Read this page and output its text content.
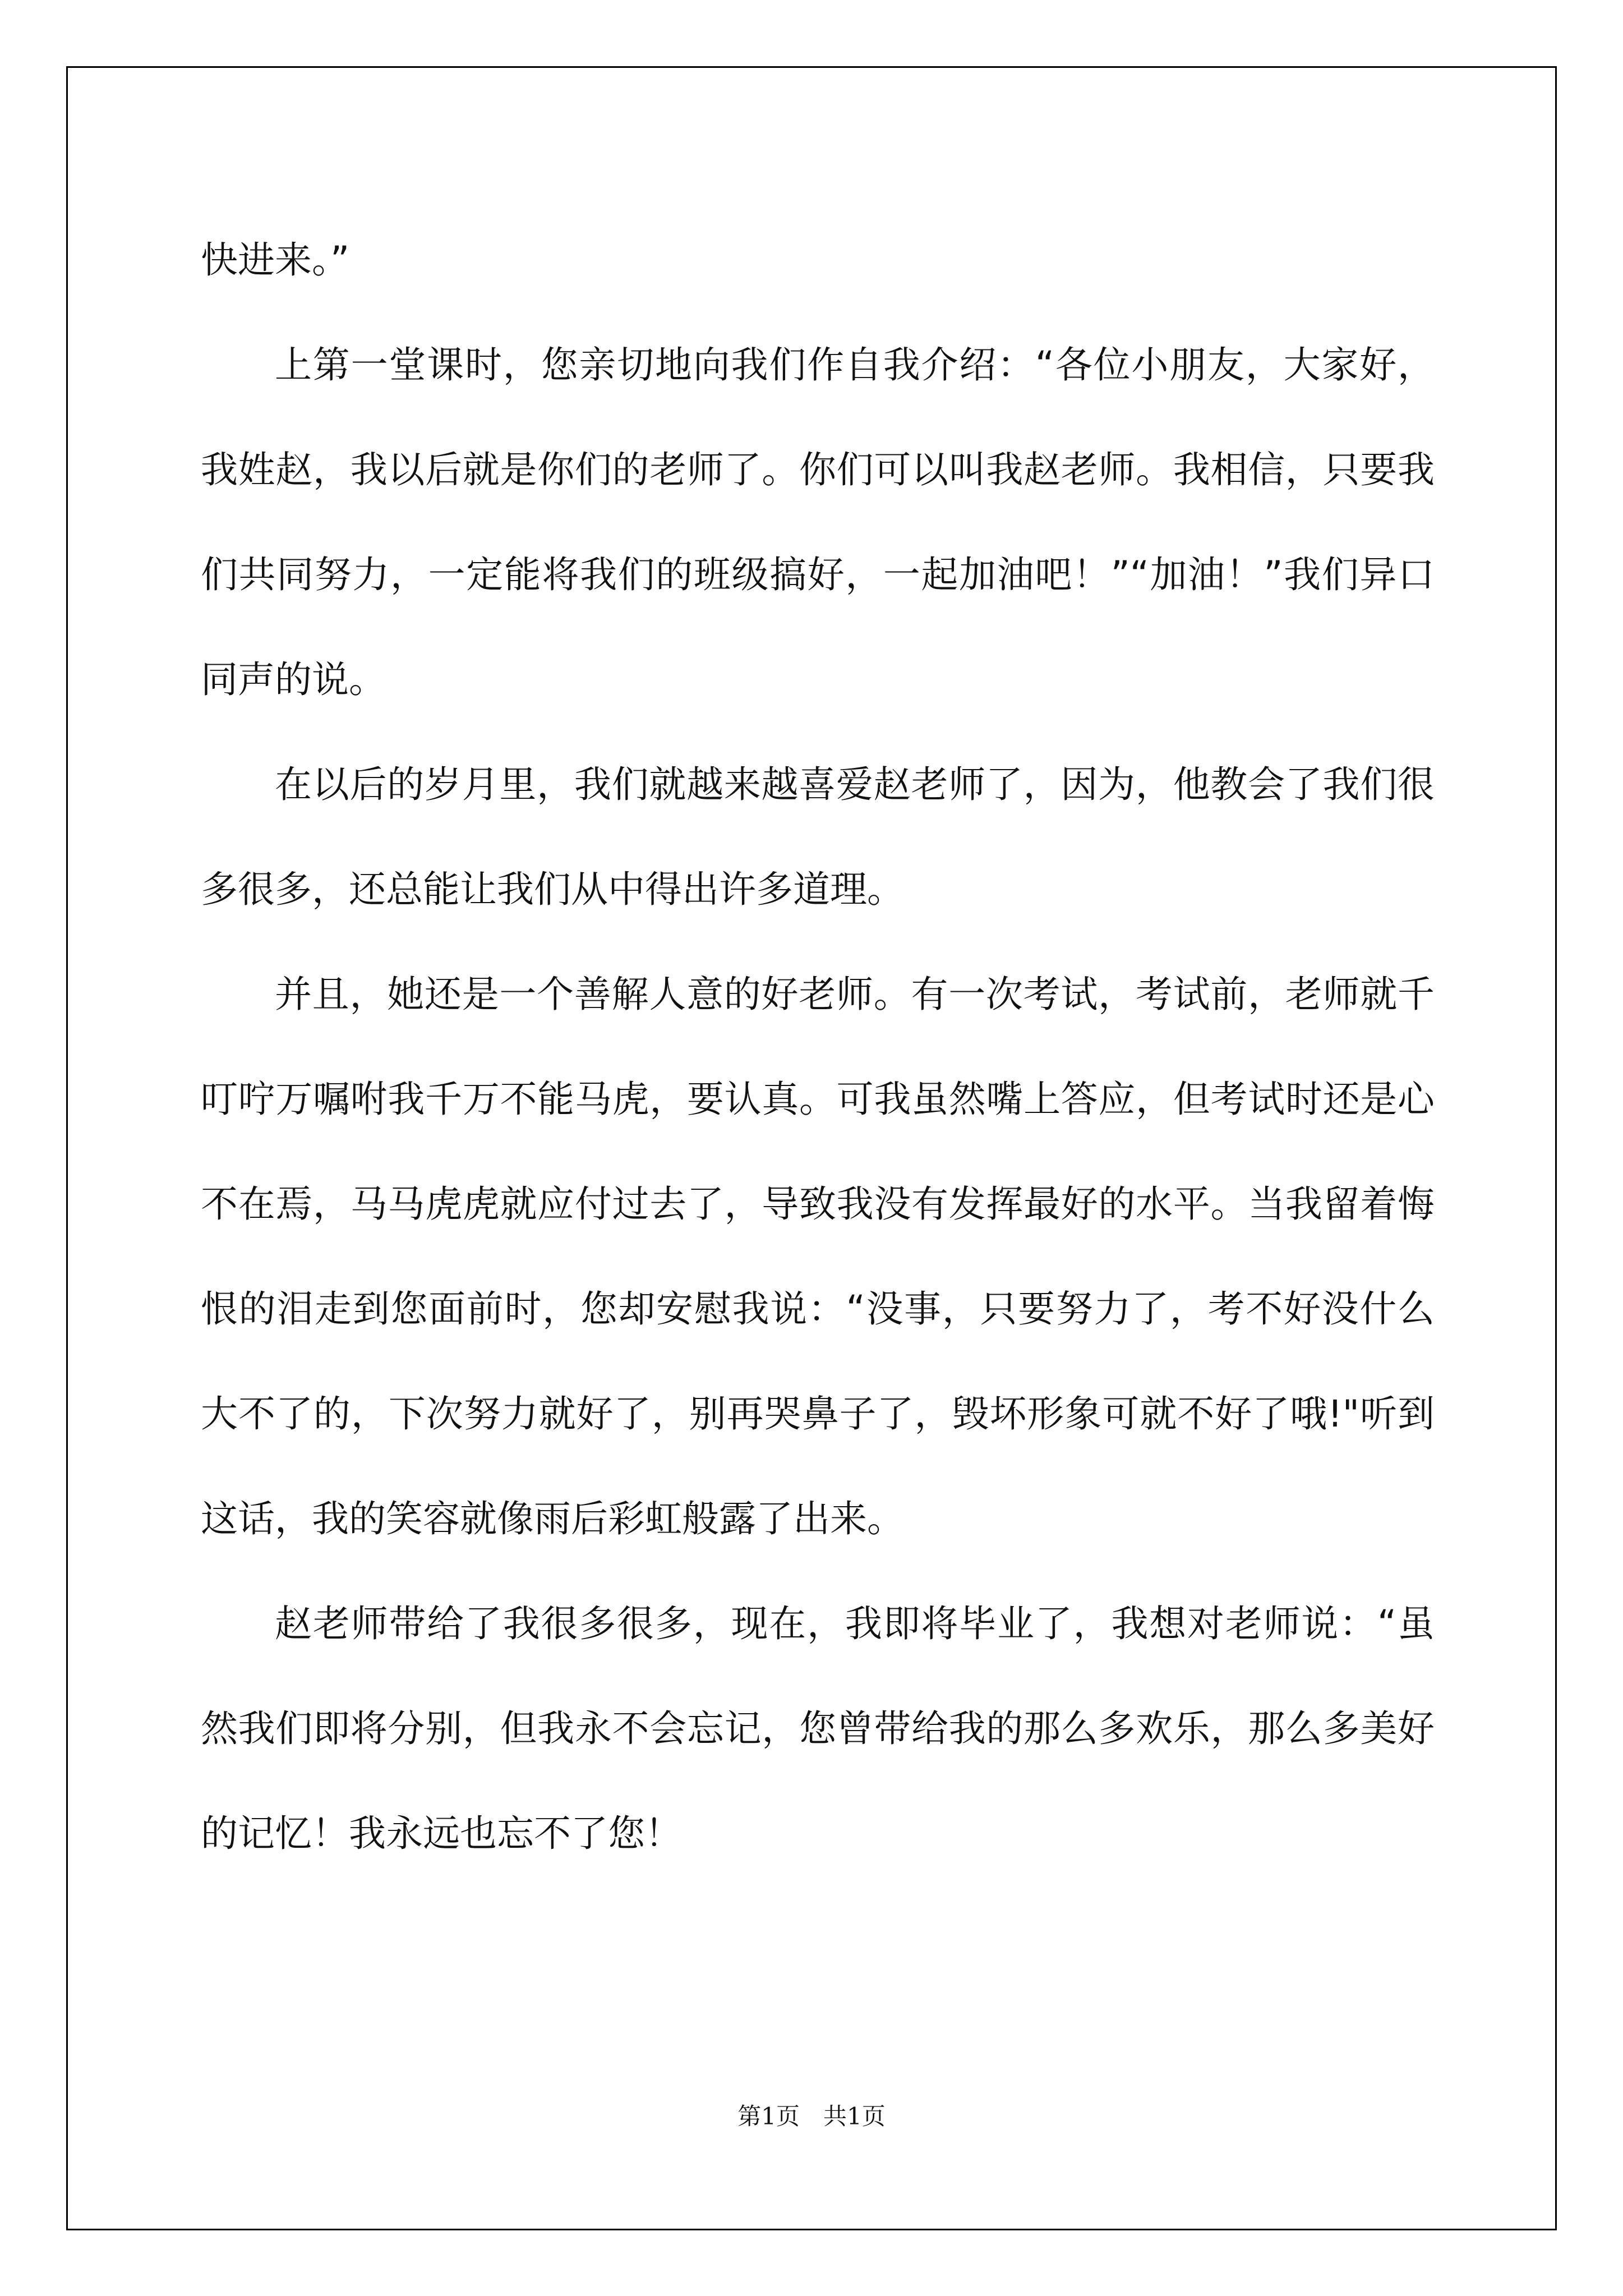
快进来。”

上第一堂课时，您亲切地向我们作自我介绍：“各位小朋友，大家好，我姓赵，我以后就是你们的老师了。你们可以叫我赵老师。我相信，只要我们共同努力，一定能将我们的班级搞好，一起加油吧！”“加油！”我们异口同声的说。

在以后的岁月里，我们就越来越喜爱赵老师了，因为，他教会了我们很多很多，还总能让我们从中得出许多道理。

并且，她还是一个善解人意的好老师。有一次考试，考试前，老师就千叮咛万嘱咐我千万不能马虎，要认真。可我虽然嘴上答应，但考试时还是心不在焉，马马虎虎就应付过去了，导致我没有发挥最好的水平。当我留着悔恨的泪走到您面前时，您却安慰我说：“没事，只要努力了，考不好没什么大不了的，下次努力就好了，别再哭鼻子了，毁坏形象可就不好了哦!"听到这话，我的笑容就像雨后彩虹般露了出来。

赵老师带给了我很多很多，现在，我即将毕业了，我想对老师说：“虽然我们即将分别，但我永不会忘记，您曾带给我的那么多欢乐，那么多美好的记忆！我永远也忘不了您！

第1页　共1页
